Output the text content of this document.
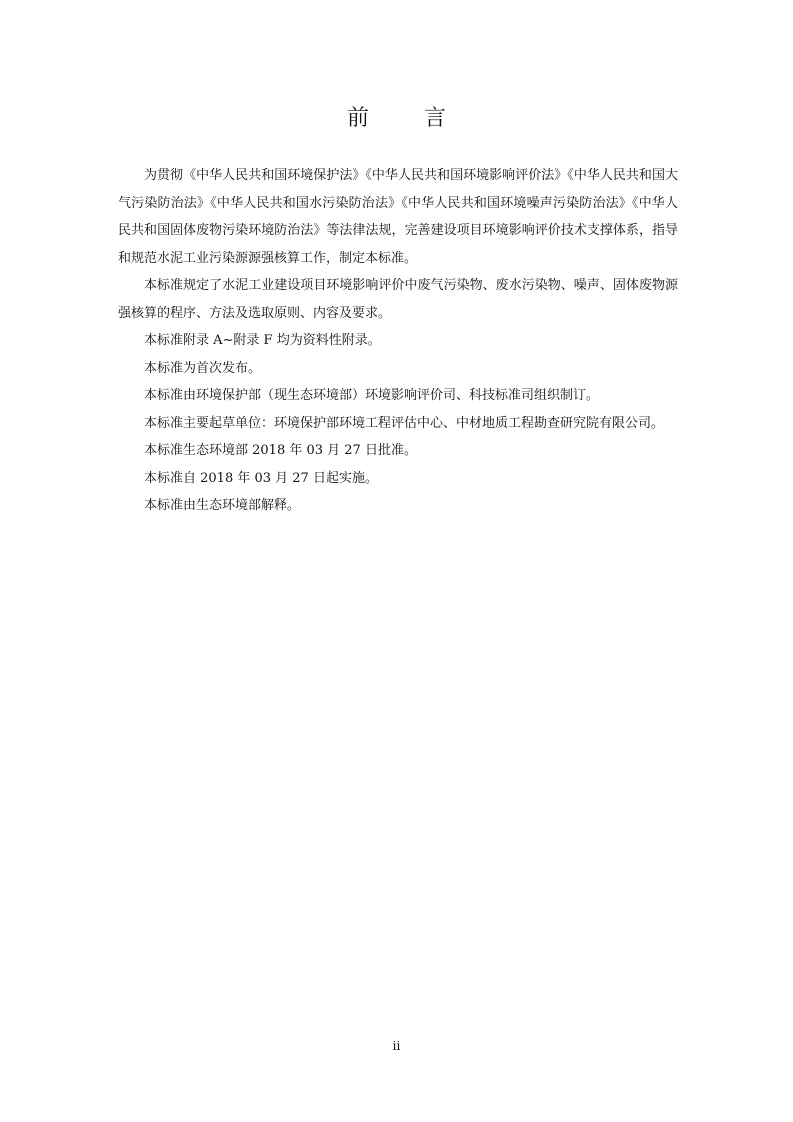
前 言

为贯彻《中华人民共和国环境保护法》《中华人民共和国环境影响评价法》《中华人民共和国大气污染防治法》《中华人民共和国水污染防治法》《中华人民共和国环境噪声污染防治法》《中华人民共和国固体废物污染环境防治法》等法律法规，完善建设项目环境影响评价技术支撑体系，指导和规范水泥工业污染源源强核算工作，制定本标准。

本标准规定了水泥工业建设项目环境影响评价中废气污染物、废水污染物、噪声、固体废物源强核算的程序、方法及选取原则、内容及要求。

本标准附录 A~附录 F 均为资料性附录。

本标准为首次发布。

本标准由环境保护部（现生态环境部）环境影响评价司、科技标准司组织制订。

本标准主要起草单位：环境保护部环境工程评估中心、中材地质工程勘查研究院有限公司。

本标准生态环境部 2018 年 03 月 27 日批准。

本标准自 2018 年 03 月 27 日起实施。

本标准由生态环境部解释。

ii
